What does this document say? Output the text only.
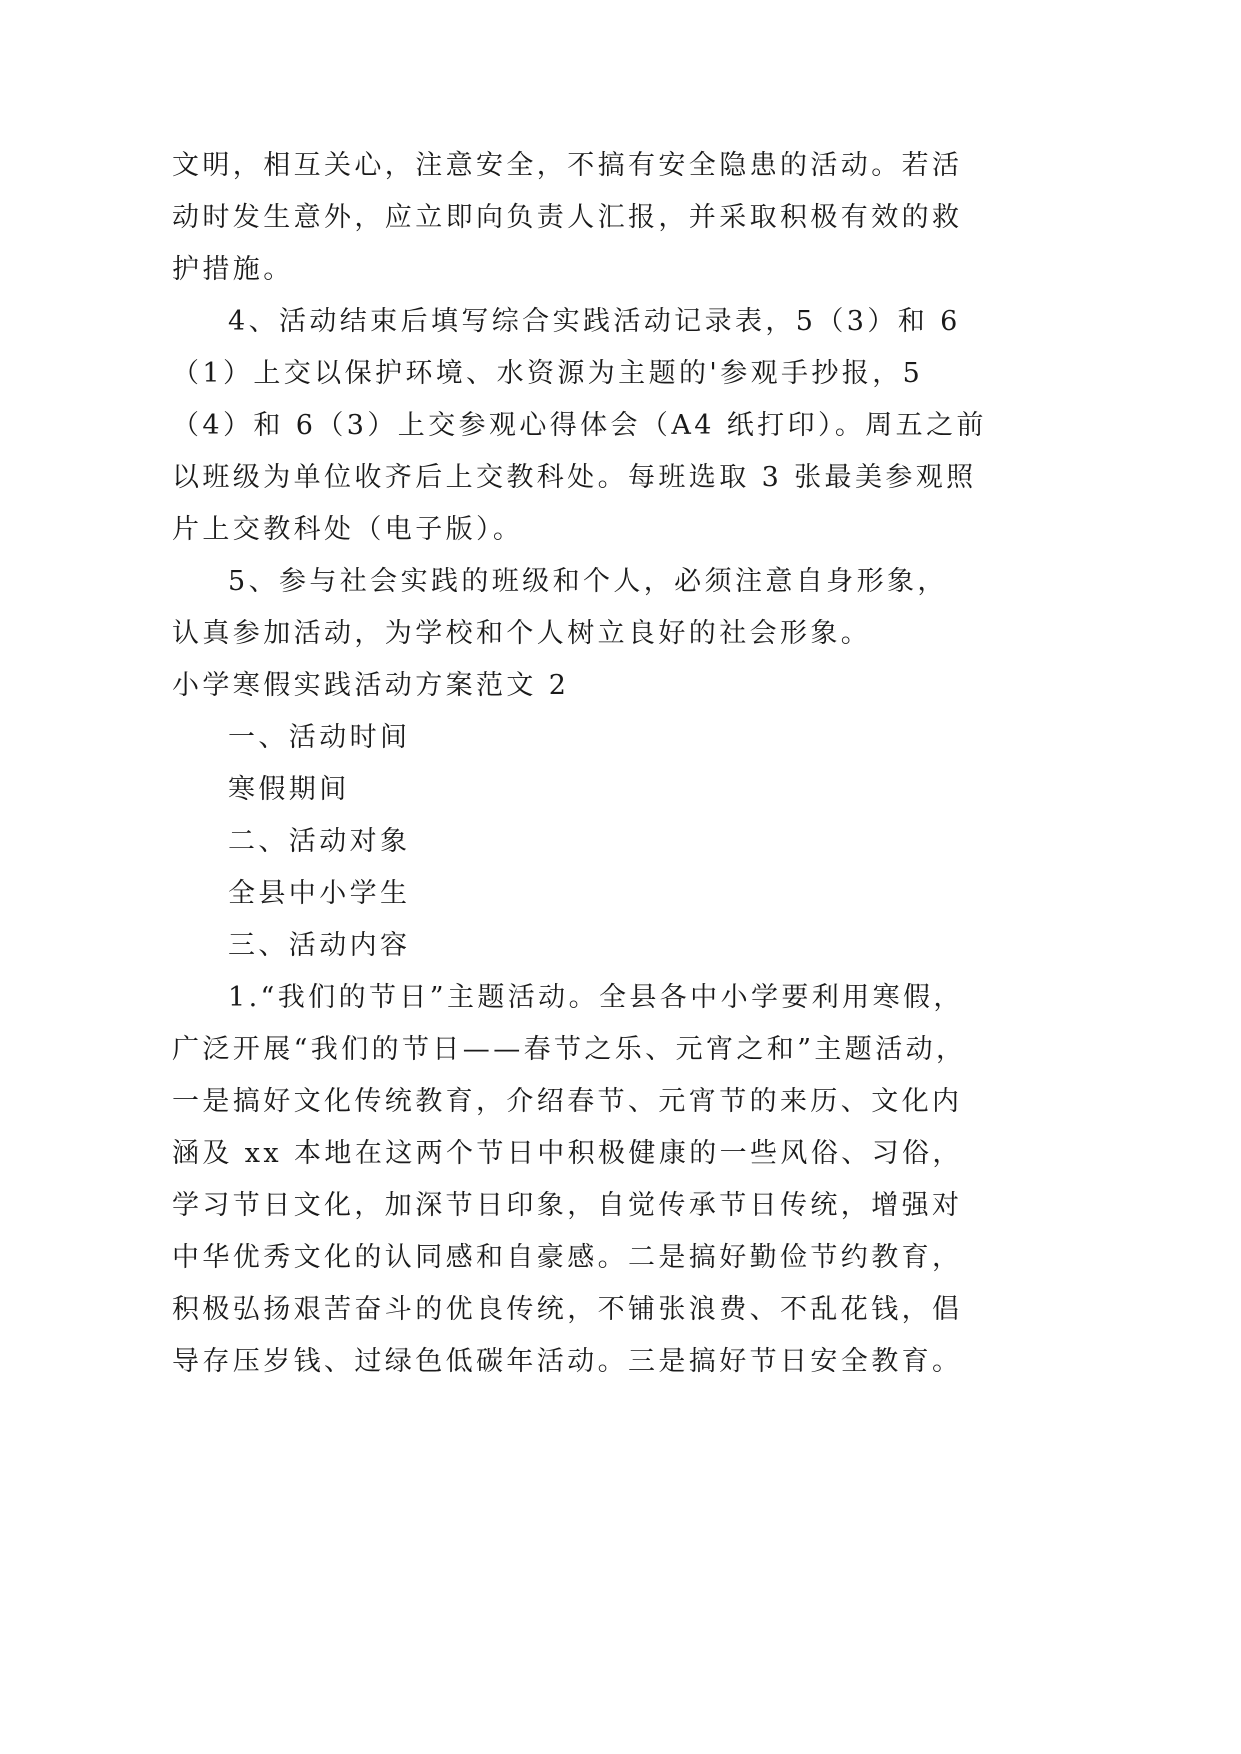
文明，相互关心，注意安全，不搞有安全隐患的活动。若活
动时发生意外，应立即向负责人汇报，并采取积极有效的救
护措施。
4、活动结束后填写综合实践活动记录表，5（3）和 6
（1）上交以保护环境、水资源为主题的'参观手抄报，5
（4）和 6（3）上交参观心得体会（A4 纸打印）。周五之前
以班级为单位收齐后上交教科处。每班选取 3 张最美参观照
片上交教科处（电子版）。
5、参与社会实践的班级和个人，必须注意自身形象，
认真参加活动，为学校和个人树立良好的社会形象。
小学寒假实践活动方案范文 2
一、活动时间
寒假期间
二、活动对象
全县中小学生
三、活动内容
1.“我们的节日”主题活动。全县各中小学要利用寒假，
广泛开展“我们的节日——春节之乐、元宵之和”主题活动，
一是搞好文化传统教育，介绍春节、元宵节的来历、文化内
涵及 xx 本地在这两个节日中积极健康的一些风俗、习俗，
学习节日文化，加深节日印象，自觉传承节日传统，增强对
中华优秀文化的认同感和自豪感。二是搞好勤俭节约教育，
积极弘扬艰苦奋斗的优良传统，不铺张浪费、不乱花钱，倡
导存压岁钱、过绿色低碳年活动。三是搞好节日安全教育。
